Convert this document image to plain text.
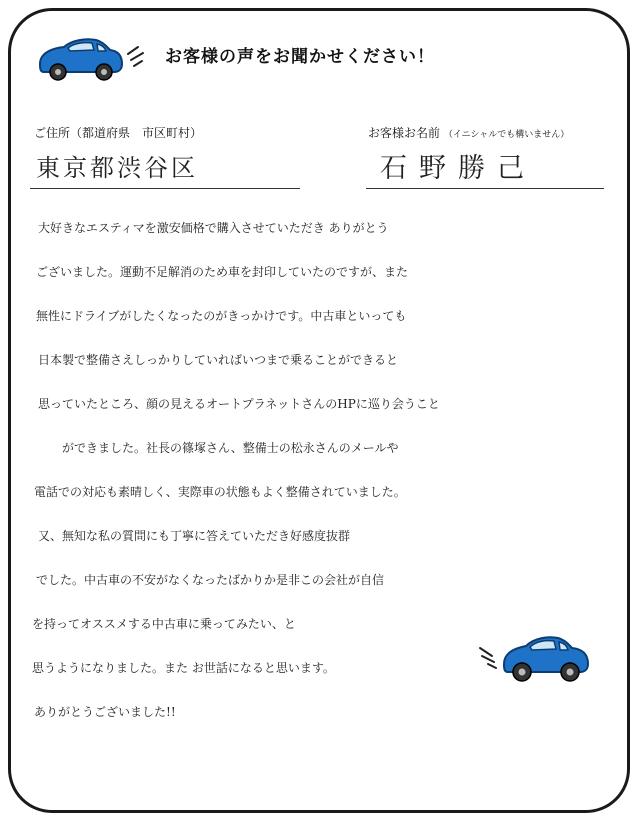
お客様の声をお聞かせください！
ご住所（都道府県　市区町村）
東京都渋谷区
お客様お名前 （イニシャルでも構いません）
石野勝己
大好きなエスティマを激安価格で購入させていただき ありがとう
ございました。運動不足解消のため車を封印していたのですが、また
無性にドライブがしたくなったのがきっかけです。中古車といっても
日本製で整備さえしっかりしていればいつまで乗ることができると
思っていたところ、顔の見えるオートプラネットさんのHPに巡り会うこと
ができました。社長の篠塚さん、整備士の松永さんのメールや
電話での対応も素晴しく、実際車の状態もよく整備されていました。
又、無知な私の質問にも丁寧に答えていただき好感度抜群
でした。中古車の不安がなくなったばかりか是非この会社が自信
を持ってオススメする中古車に乗ってみたい、と
思うようになりました。また お世話になると思います。
ありがとうございました!!
